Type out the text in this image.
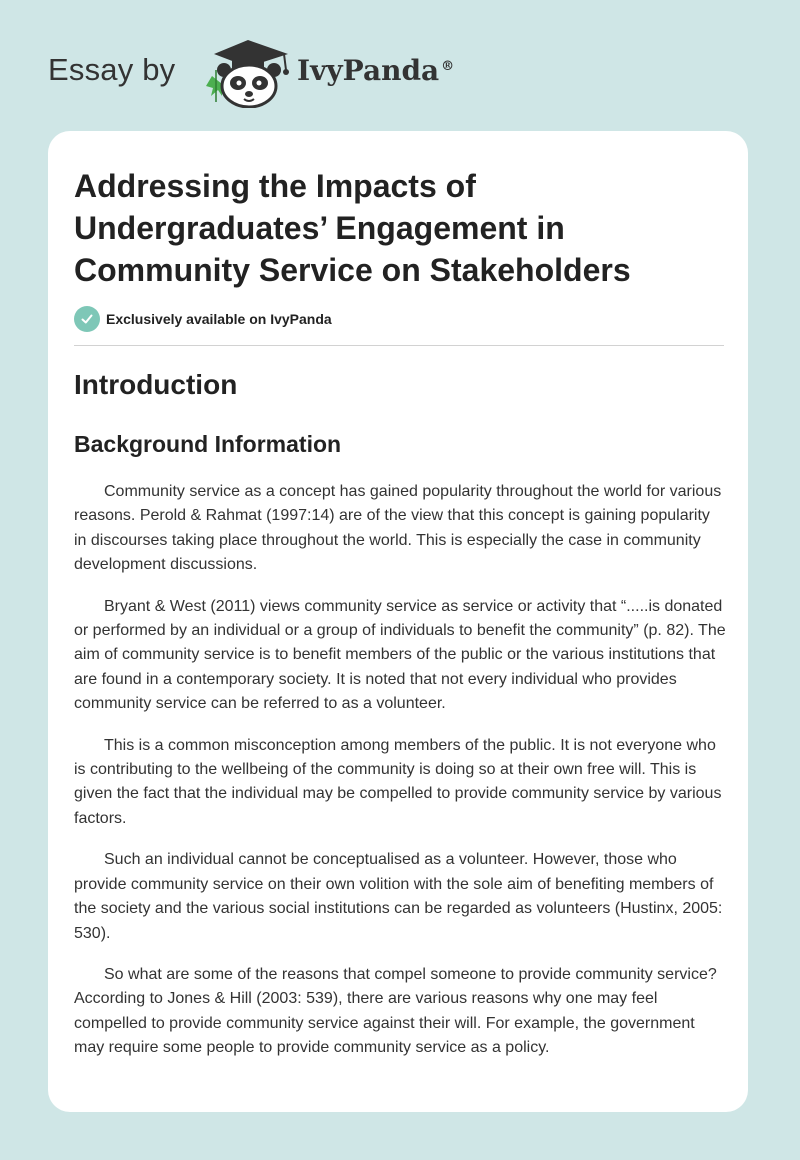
Essay by	IvyPanda ®
Addressing the Impacts of Undergraduates’ Engagement in Community Service on Stakeholders
Exclusively available on IvyPanda
Introduction
Background Information

Community service as a concept has gained popularity throughout the world for various reasons. Perold & Rahmat (1997:14) are of the view that this concept is gaining popularity in discourses taking place throughout the world. This is especially the case in community development discussions.

Bryant & West (2011) views community service as service or activity that “.....is donated or performed by an individual or a group of individuals to benefit the community” (p. 82). The aim of community service is to benefit members of the public or the various institutions that are found in a contemporary society. It is noted that not every individual who provides community service can be referred to as a volunteer.

This is a common misconception among members of the public. It is not everyone who is contributing to the wellbeing of the community is doing so at their own free will. This is given the fact that the individual may be compelled to provide community service by various factors.

Such an individual cannot be conceptualised as a volunteer. However, those who provide community service on their own volition with the sole aim of benefiting members of the society and the various social institutions can be regarded as volunteers (Hustinx, 2005: 530).

So what are some of the reasons that compel someone to provide community service? According to Jones & Hill (2003: 539), there are various reasons why one may feel compelled to provide community service against their will. For example, the government may require some people to provide community service as a policy.
